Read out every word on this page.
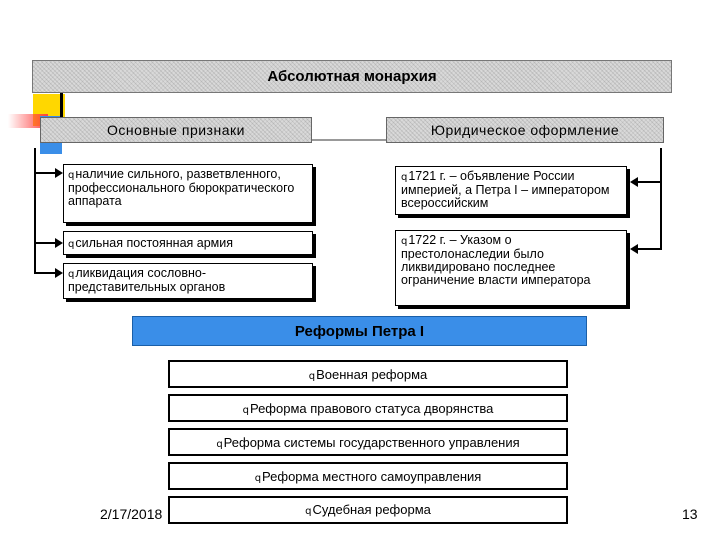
Абсолютная монархия
Основные признаки	Юридическое оформление
qналичие сильного, разветвленного, профессионального бюрократического аппарата
qсильная постоянная армия
qликвидация сословно-представительных органов
q1721 г. – объявление России империей, а Петра I – императором всероссийским
q1722 г. – Указом о престолонаследии было ликвидировано последнее ограничение власти императора
Реформы Петра I
qВоенная реформа
qРеформа правового статуса дворянства
qРеформа системы государственного управления
qРеформа местного самоуправления
qСудебная реформа
2/17/2018	13
